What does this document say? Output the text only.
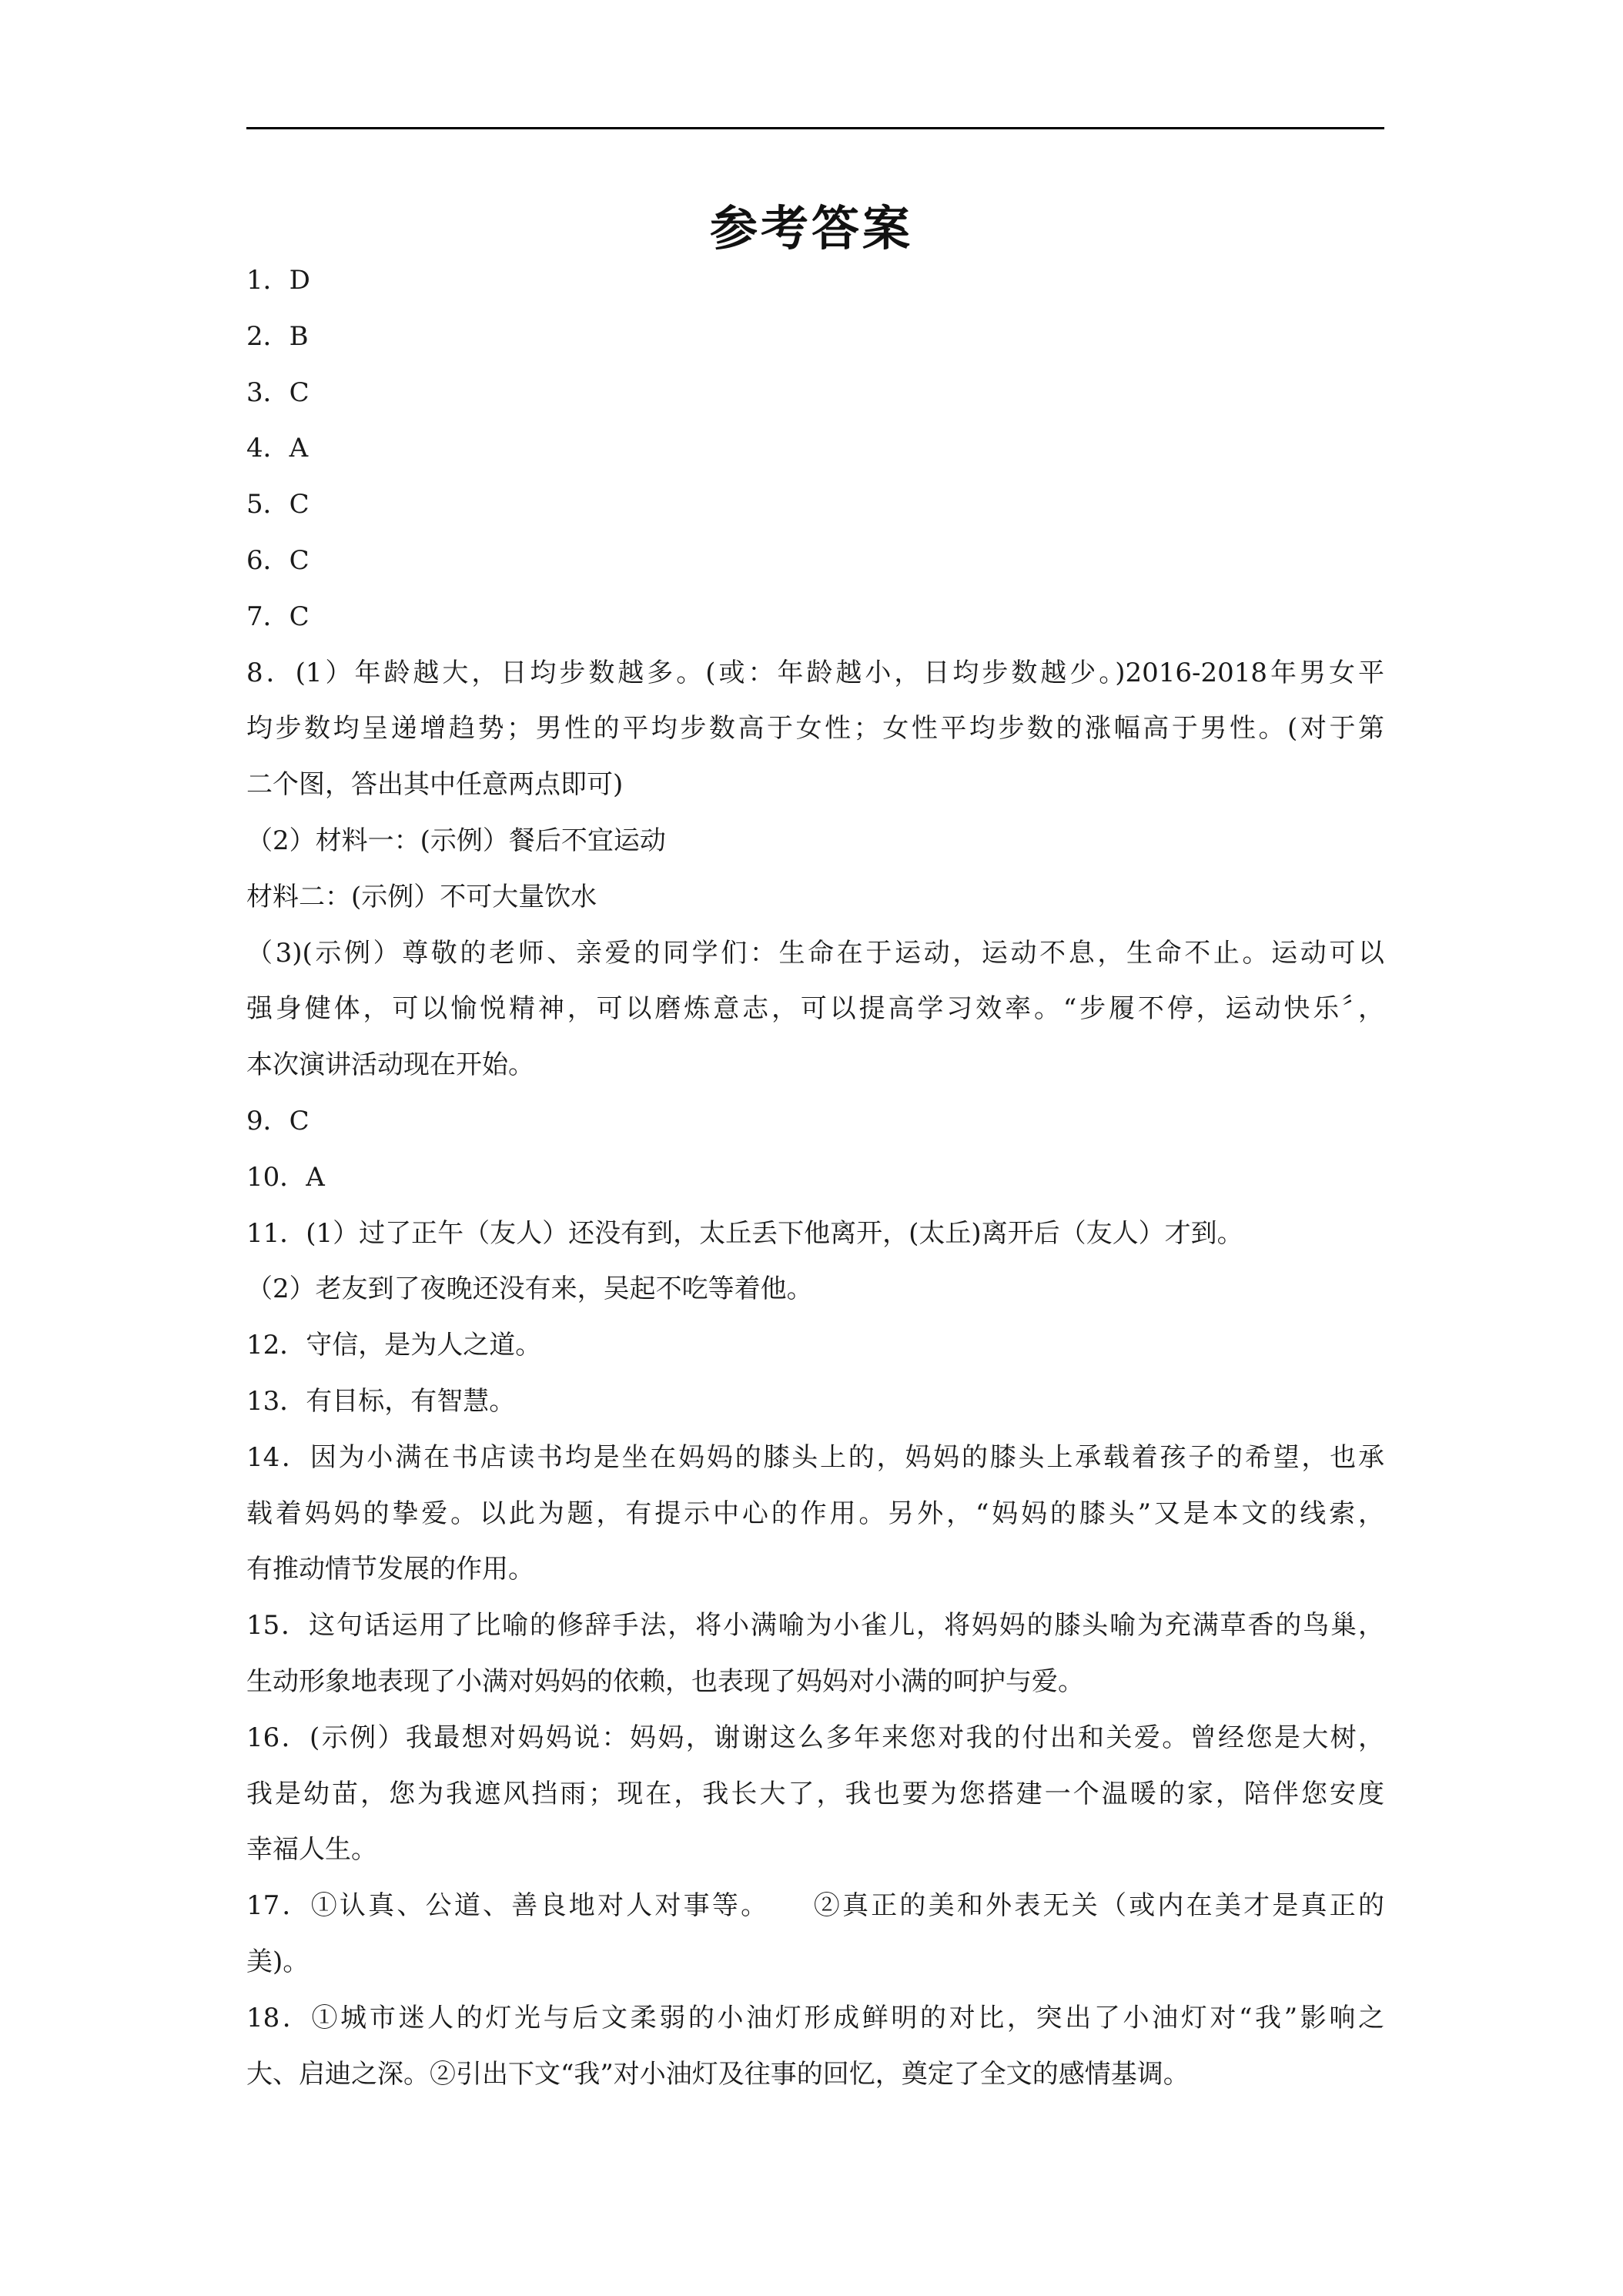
参考答案
1．D
2．B
3．C
4．A
5．C
6．C
7．C
8．(1）年龄越大，日均步数越多。(或：年龄越小，日均步数越少。)2016-2018年男女平
均步数均呈递增趋势；男性的平均步数高于女性；女性平均步数的涨幅高于男性。(对于第
二个图，答出其中任意两点即可)
（2）材料一：(示例）餐后不宜运动
材料二：(示例）不可大量饮水
（3)(示例）尊敬的老师、亲爱的同学们：生命在于运动，运动不息，生命不止。运动可以
强身健体，可以愉悦精神，可以磨炼意志，可以提高学习效率。“步履不停，运动快乐〞，
本次演讲活动现在开始。
9．C
10．A
11．(1）过了正午（友人）还没有到，太丘丢下他离开，(太丘)离开后（友人）才到。
（2）老友到了夜晚还没有来，吴起不吃等着他。
12．守信，是为人之道。
13．有目标，有智慧。
14．因为小满在书店读书均是坐在妈妈的膝头上的，妈妈的膝头上承载着孩子的希望，也承
载着妈妈的挚爱。以此为题，有提示中心的作用。另外，“妈妈的膝头”又是本文的线索，
有推动情节发展的作用。
15．这句话运用了比喻的修辞手法，将小满喻为小雀儿，将妈妈的膝头喻为充满草香的鸟巢，
生动形象地表现了小满对妈妈的依赖，也表现了妈妈对小满的呵护与爱。
16．(示例）我最想对妈妈说：妈妈，谢谢这么多年来您对我的付出和关爱。曾经您是大树，
我是幼苗，您为我遮风挡雨；现在，我长大了，我也要为您搭建一个温暖的家，陪伴您安度
幸福人生。
17．①认真、公道、善良地对人对事等。　　②真正的美和外表无关（或内在美才是真正的
美)。
18．①城市迷人的灯光与后文柔弱的小油灯形成鲜明的对比，突出了小油灯对“我”影响之
大、启迪之深。②引出下文“我”对小油灯及往事的回忆，奠定了全文的感情基调。
